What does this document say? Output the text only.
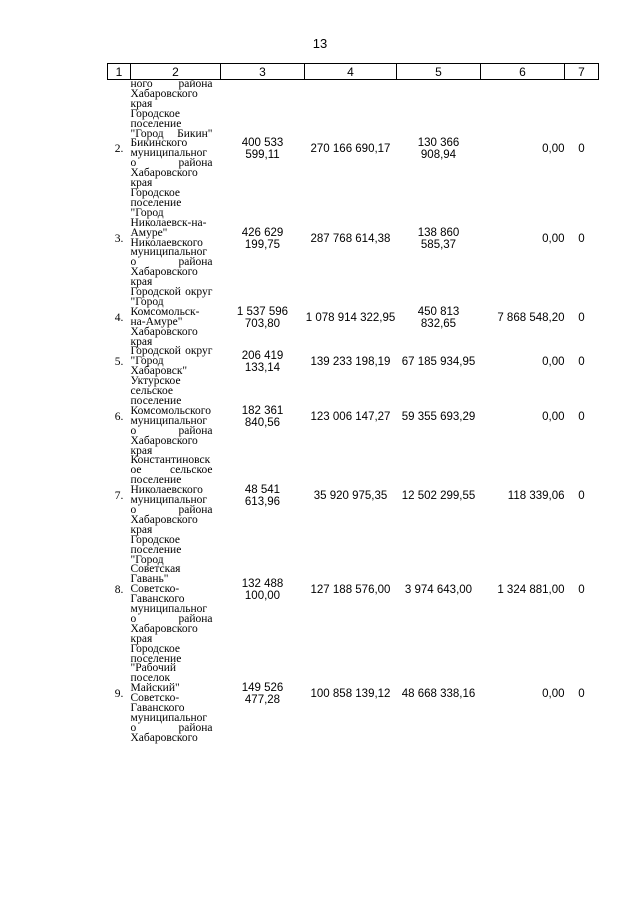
13
1	2	3	4	5	6	7

	ного района Хабаровского края					

2.	Городское поселение "Город Бикин" Бикинского муниципального района Хабаровского края	400 533 599,11	270 166 690,17	130 366 908,94	0,00	0
3.	Городское поселение "Город Николаевск-на-Амуре" Николаевского муниципального района Хабаровского края	426 629 199,75	287 768 614,38	138 860 585,37	0,00	0
4.	Городской округ "Город Комсомольск-на-Амуре" Хабаровского края	1 537 596 703,80	1 078 914 322,95	450 813 832,65	7 868 548,20	0
5.	Городской округ "Город Хабаровск"	206 419 133,14	139 233 198,19	67 185 934,95	0,00	0
6.	Уктурское сельское поселение Комсомольского муниципального района Хабаровского края	182 361 840,56	123 006 147,27	59 355 693,29	0,00	0
7.	Константиновское сельское поселение Николаевского муниципального района Хабаровского края	48 541 613,96	35 920 975,35	12 502 299,55	118 339,06	0
8.	Городское поселение "Город Советская Гавань" Советско-Гаванского муниципального района Хабаровского края	132 488 100,00	127 188 576,00	3 974 643,00	1 324 881,00	0
9.	Городское поселение "Рабочий поселок Майский" Советско-Гаванского муниципального района Хабаровского	149 526 477,28	100 858 139,12	48 668 338,16	0,00	0
